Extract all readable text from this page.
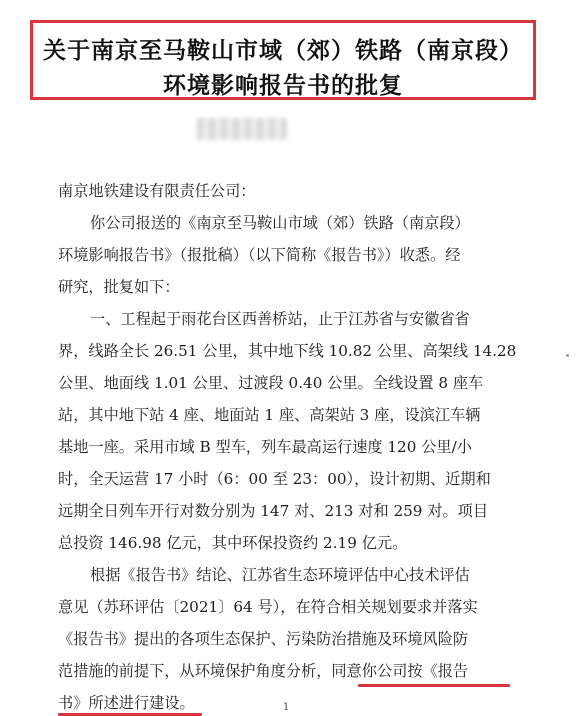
关于南京至马鞍山市域（郊）铁路（南京段）
环境影响报告书的批复
南京地铁建设有限责任公司：
你公司报送的《南京至马鞍山市域（郊）铁路（南京段）
环境影响报告书》（报批稿）（以下简称《报告书》）收悉。经
研究，批复如下：
一、工程起于雨花台区西善桥站，止于江苏省与安徽省省
界，线路全长 26.51 公里，其中地下线 10.82 公里、高架线 14.28
公里、地面线 1.01 公里、过渡段 0.40 公里。全线设置 8 座车
站，其中地下站 4 座、地面站 1 座、高架站 3 座，设滨江车辆
基地一座。采用市域 B 型车，列车最高运行速度 120 公里/小
时，全天运营 17 小时（6：00 至 23：00），设计初期、近期和
远期全日列车开行对数分别为 147 对、213 对和 259 对。项目
总投资 146.98 亿元，其中环保投资约 2.19 亿元。
根据《报告书》结论、江苏省生态环境评估中心技术评估
意见（苏环评估〔2021〕64 号），在符合相关规划要求并落实
《报告书》提出的各项生态保护、污染防治措施及环境风险防
范措施的前提下，从环境保护角度分析，同意你公司按《报告
书》所述进行建设。	1
